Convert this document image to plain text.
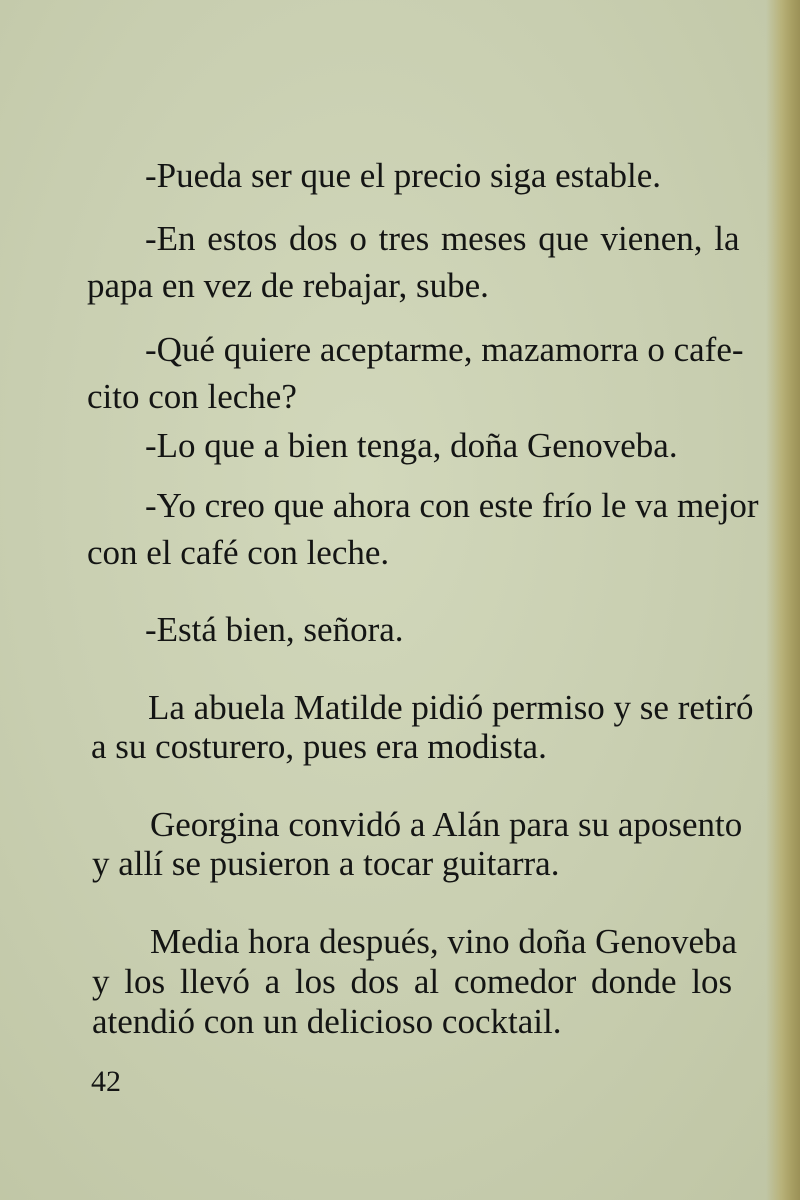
-Pueda ser que el precio siga estable.

-En estos dos o tres meses que vienen, la

papa en vez de rebajar, sube.

-Qué quiere aceptarme, mazamorra o cafe-

cito con leche?

-Lo que a bien tenga, doña Genoveba.

-Yo creo que ahora con este frío le va mejor

con el café con leche.

-Está bien, señora.

La abuela Matilde pidió permiso y se retiró

a su costurero, pues era modista.

Georgina convidó a Alán para su aposento

y allí se pusieron a tocar guitarra.

Media hora después, vino doña Genoveba

y los llevó a los dos al comedor donde los

atendió con un delicioso cocktail.

42
